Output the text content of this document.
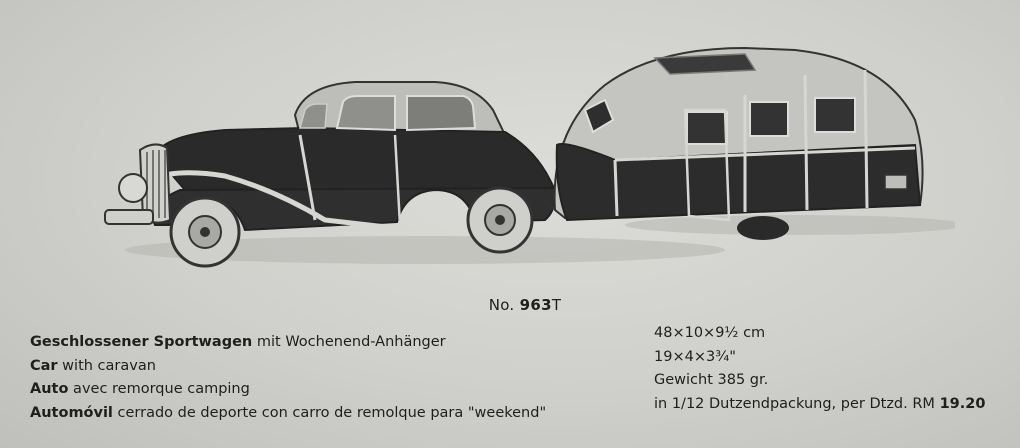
No. 963T
Geschlossener Sportwagen mit Wochenend-Anhänger
Car with caravan
Auto avec remorque camping
Automóvil cerrado de deporte con carro de remolque para "weekend"
48×10×9½ cm
19×4×3¾"
Gewicht 385 gr.
in 1/12 Dutzendpackung, per Dtzd. RM 19.20
